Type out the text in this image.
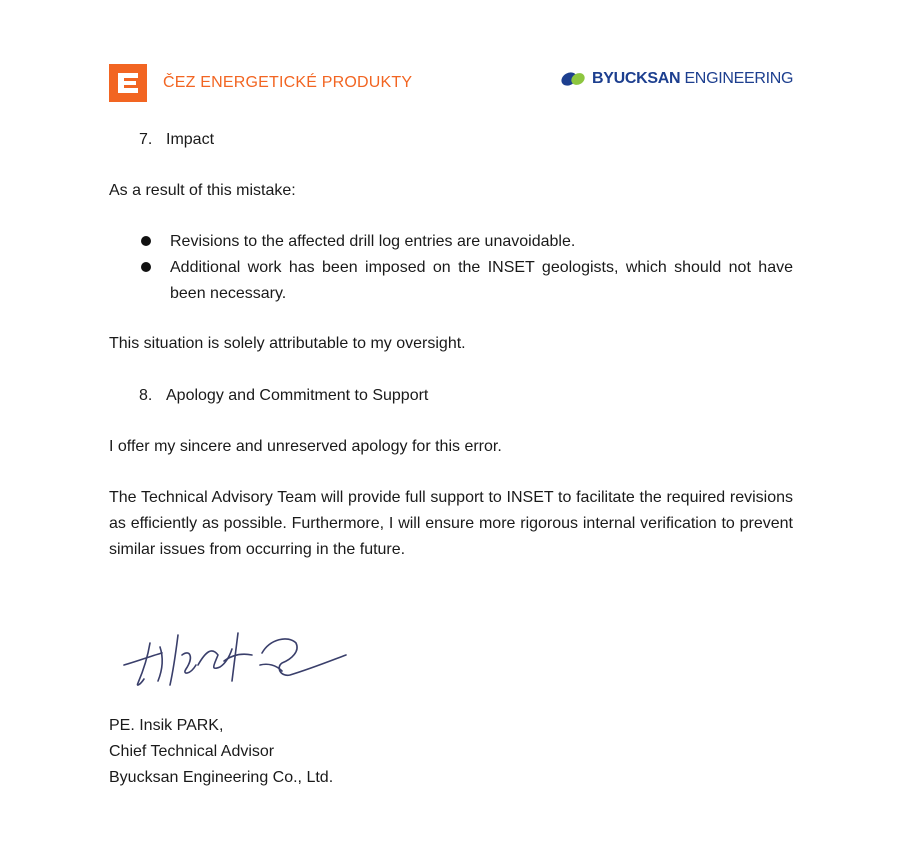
ČEZ ENERGETICKÉ PRODUKTY	BYUCKSAN ENGINEERING
7. Impact
As a result of this mistake:
Revisions to the affected drill log entries are unavoidable.
Additional work has been imposed on the INSET geologists, which should not have been necessary.
This situation is solely attributable to my oversight.
8. Apology and Commitment to Support
I offer my sincere and unreserved apology for this error.
The Technical Advisory Team will provide full support to INSET to facilitate the required revisions as efficiently as possible. Furthermore, I will ensure more rigorous internal verification to prevent similar issues from occurring in the future.
PE. Insik PARK,
Chief Technical Advisor
Byucksan Engineering Co., Ltd.
